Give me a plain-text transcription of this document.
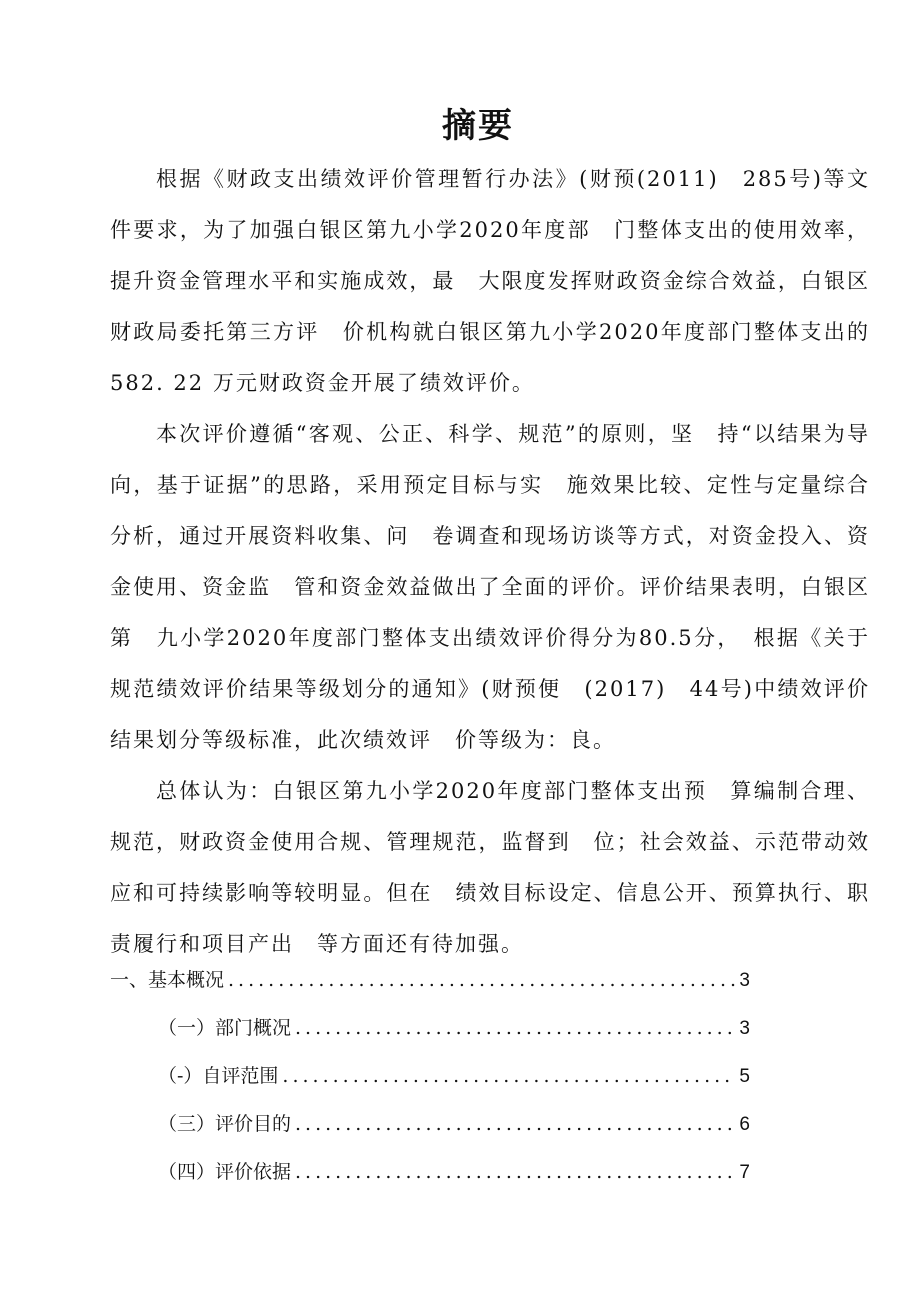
摘要

根据《财政支出绩效评价管理暂行办法》(财预(2011)　285号)等文件要求，为了加强白银区第九小学2020年度部　门整体支出的使用效率，提升资金管理水平和实施成效，最　大限度发挥财政资金综合效益，白银区财政局委托第三方评　价机构就白银区第九小学2020年度部门整体支出的582. 22 万元财政资金开展了绩效评价。

本次评价遵循“客观、公正、科学、规范”的原则，坚　持“以结果为导向，基于证据”的思路，采用预定目标与实　施效果比较、定性与定量综合分析，通过开展资料收集、问　卷调查和现场访谈等方式，对资金投入、资金使用、资金监　管和资金效益做出了全面的评价。评价结果表明，白银区第　九小学2020年度部门整体支出绩效评价得分为80.5分，　根据《关于规范绩效评价结果等级划分的通知》(财预便　(2017)　44号)中绩效评价结果划分等级标准，此次绩效评　价等级为：良。

总体认为：白银区第九小学2020年度部门整体支出预　算编制合理、规范，财政资金使用合规、管理规范，监督到　位；社会效益、示范带动效应和可持续影响等较明显。但在　绩效目标设定、信息公开、预算执行、职责履行和项目产出　等方面还有待加强。

一、基本概况 .....	3
（一）部门概况 .....	3
（-）自评范围 .....	5
（三）评价目的 .....	6
（四）评价依据 .....	7
